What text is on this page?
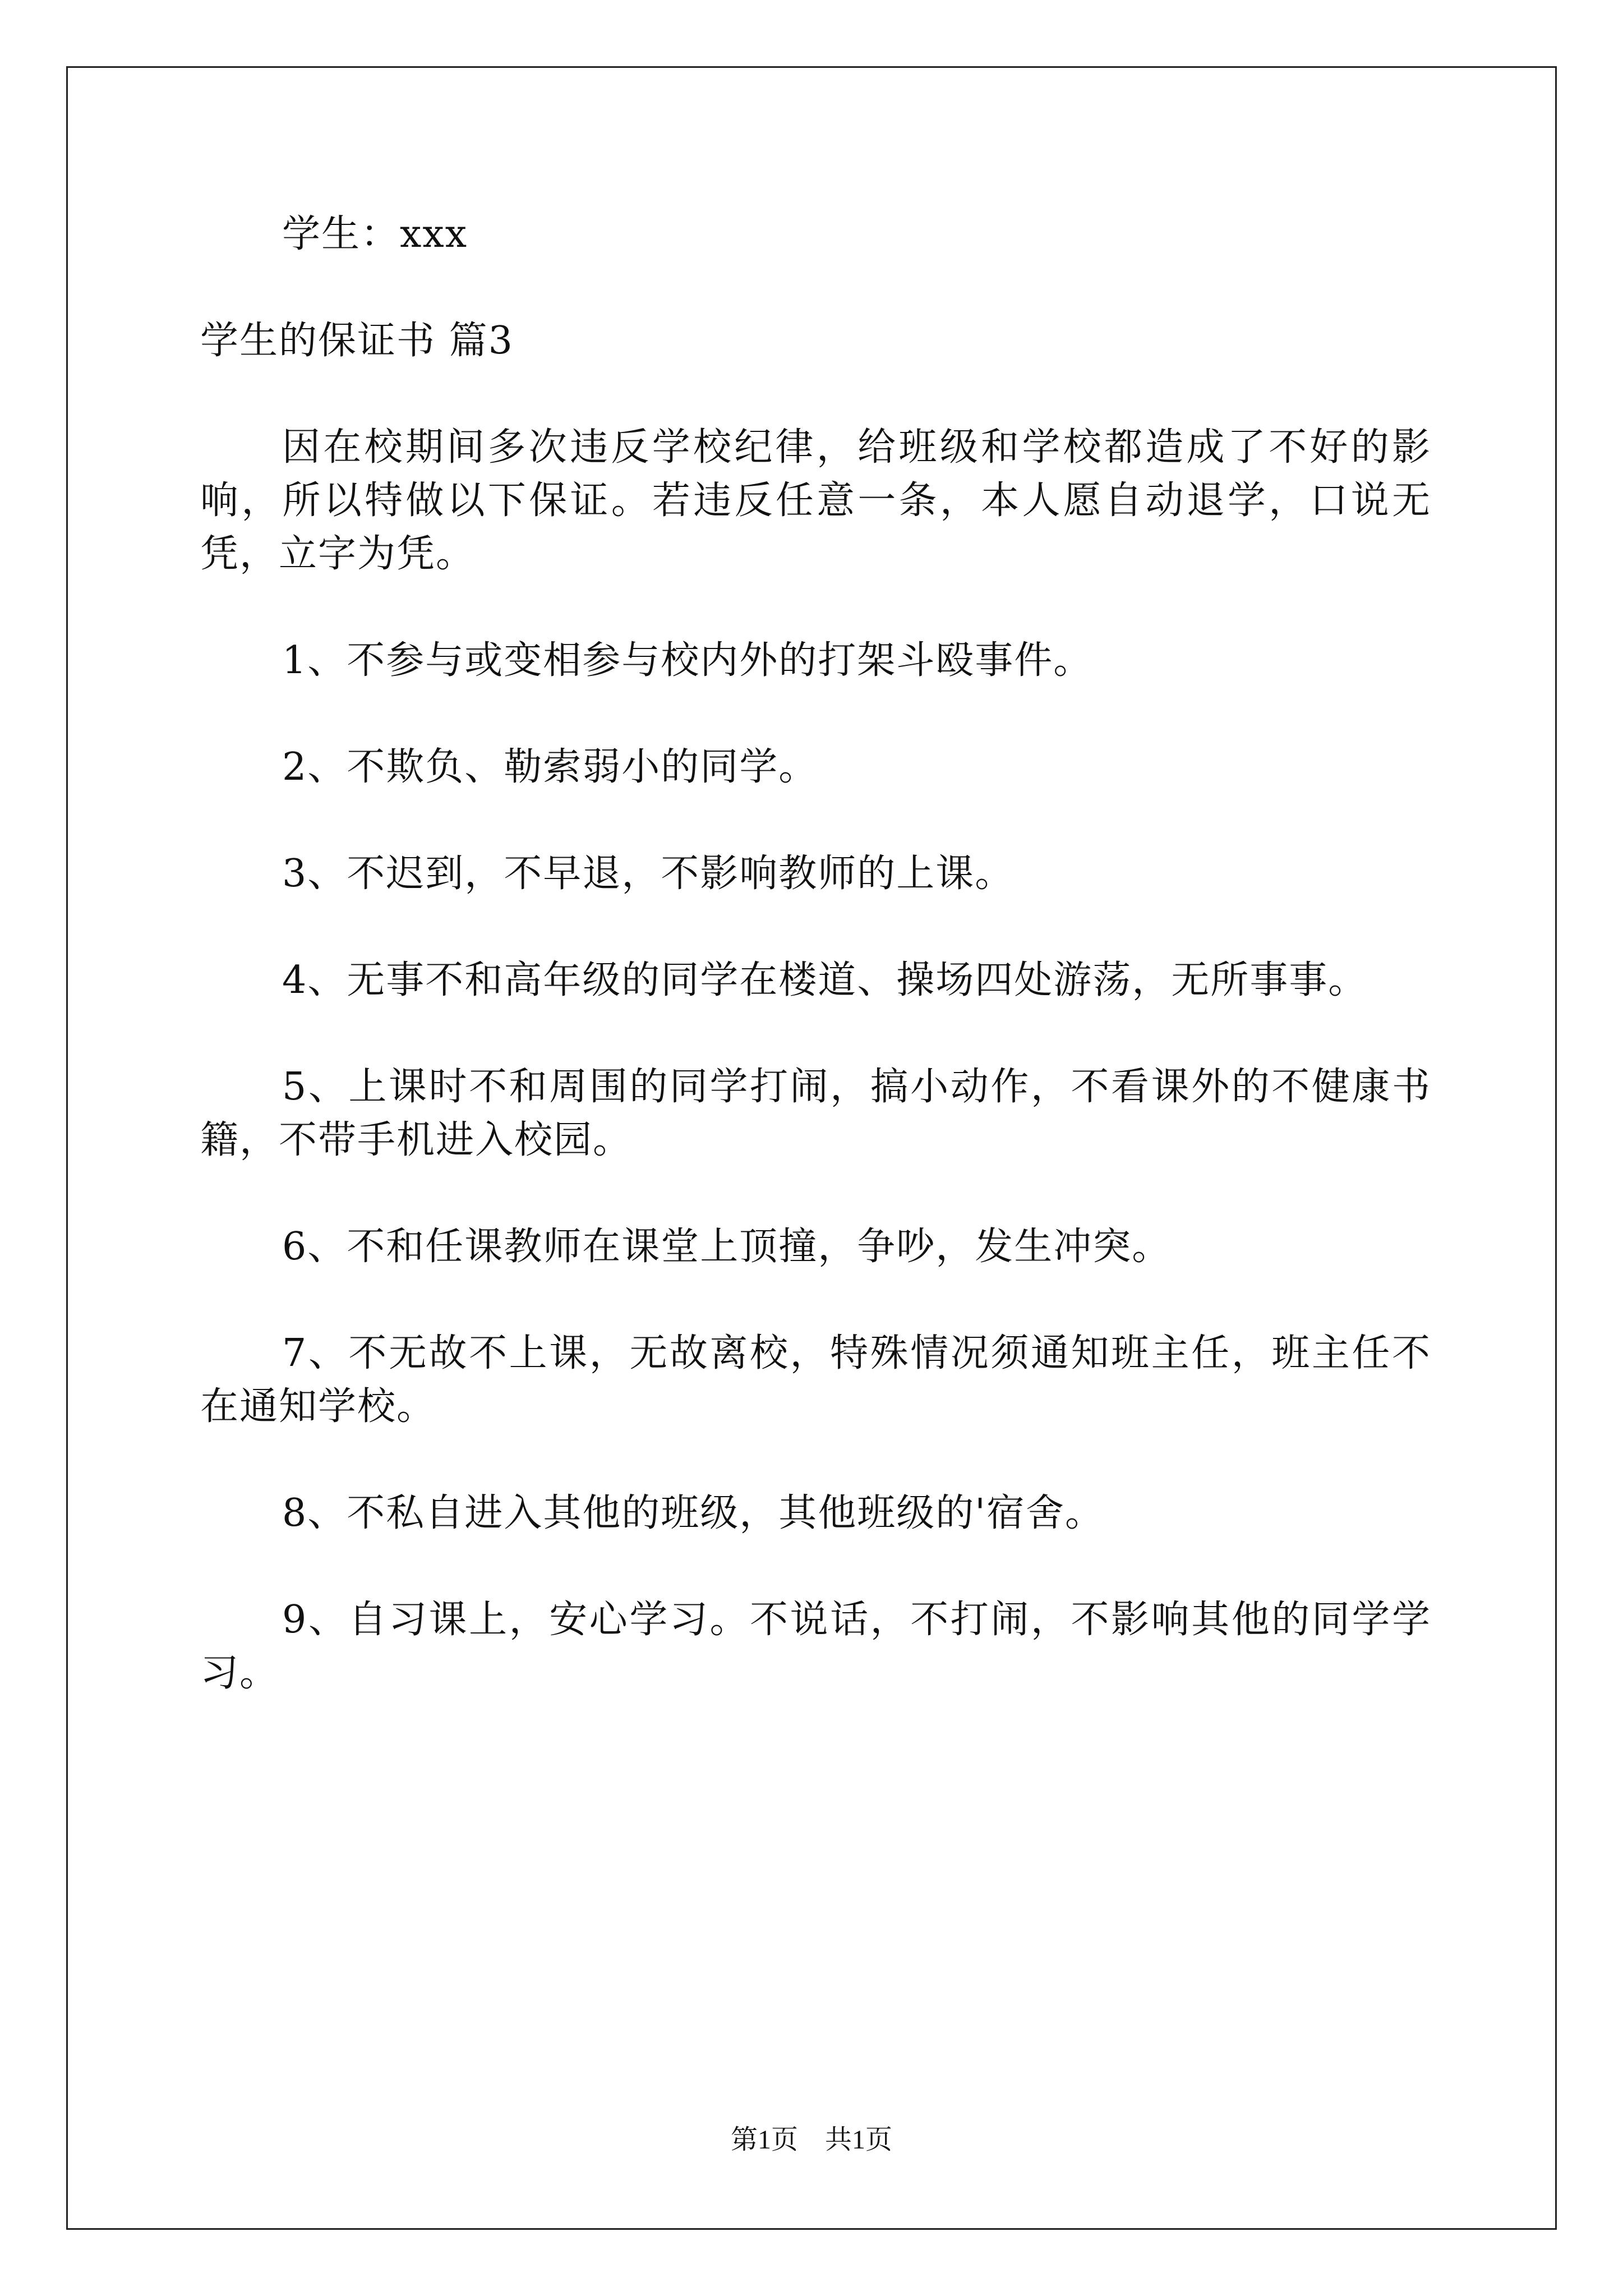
学生：xxx
学生的保证书 篇3
因在校期间多次违反学校纪律，给班级和学校都造成了不好的影响，所以特做以下保证。若违反任意一条，本人愿自动退学，口说无凭，立字为凭。
1、不参与或变相参与校内外的打架斗殴事件。
2、不欺负、勒索弱小的同学。
3、不迟到，不早退，不影响教师的上课。
4、无事不和高年级的同学在楼道、操场四处游荡，无所事事。
5、上课时不和周围的同学打闹，搞小动作，不看课外的不健康书籍，不带手机进入校园。
6、不和任课教师在课堂上顶撞，争吵，发生冲突。
7、不无故不上课，无故离校，特殊情况须通知班主任，班主任不在通知学校。
8、不私自进入其他的班级，其他班级的'宿舍。
9、自习课上，安心学习。不说话，不打闹，不影响其他的同学学习。
第1页　共1页
